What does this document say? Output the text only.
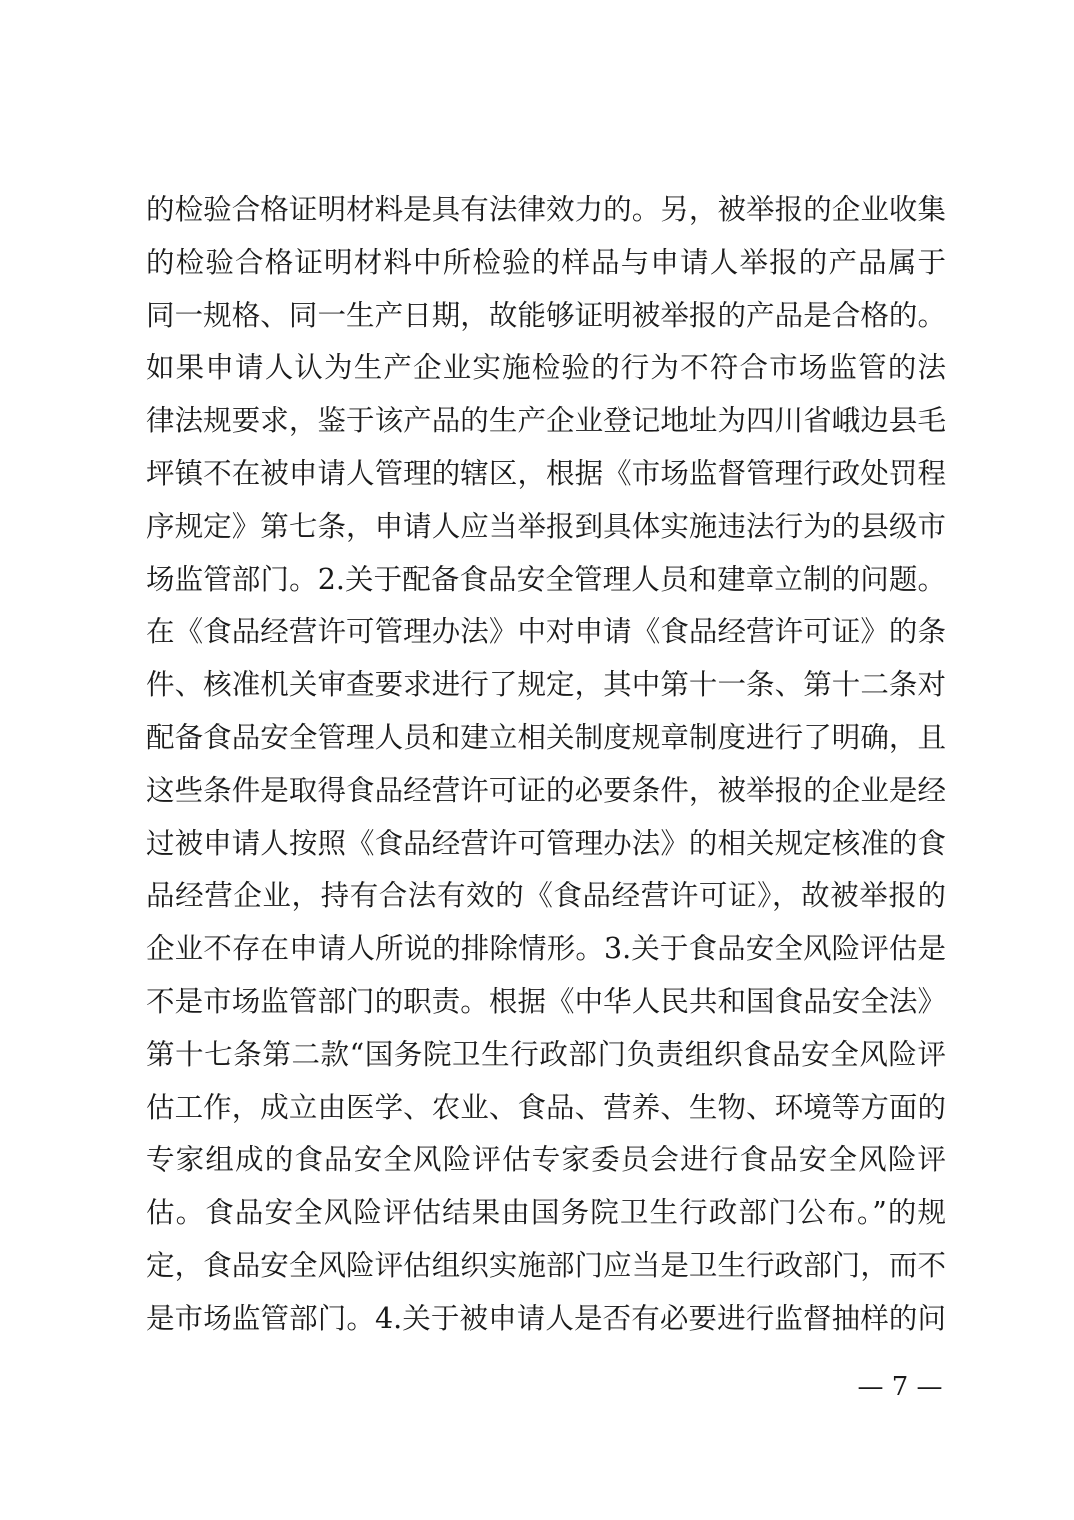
的检验合格证明材料是具有法律效力的。另，被举报的企业收集
的检验合格证明材料中所检验的样品与申请人举报的产品属于
同一规格、同一生产日期，故能够证明被举报的产品是合格的。
如果申请人认为生产企业实施检验的行为不符合市场监管的法
律法规要求，鉴于该产品的生产企业登记地址为四川省峨边县毛
坪镇不在被申请人管理的辖区，根据《市场监督管理行政处罚程
序规定》第七条，申请人应当举报到具体实施违法行为的县级市
场监管部门。2.关于配备食品安全管理人员和建章立制的问题。
在《食品经营许可管理办法》中对申请《食品经营许可证》的条
件、核准机关审查要求进行了规定，其中第十一条、第十二条对
配备食品安全管理人员和建立相关制度规章制度进行了明确，且
这些条件是取得食品经营许可证的必要条件，被举报的企业是经
过被申请人按照《食品经营许可管理办法》的相关规定核准的食
品经营企业，持有合法有效的《食品经营许可证》，故被举报的
企业不存在申请人所说的排除情形。3.关于食品安全风险评估是
不是市场监管部门的职责。根据《中华人民共和国食品安全法》
第十七条第二款“国务院卫生行政部门负责组织食品安全风险评
估工作，成立由医学、农业、食品、营养、生物、环境等方面的
专家组成的食品安全风险评估专家委员会进行食品安全风险评
估。食品安全风险评估结果由国务院卫生行政部门公布。”的规
定，食品安全风险评估组织实施部门应当是卫生行政部门，而不
是市场监管部门。4.关于被申请人是否有必要进行监督抽样的问
— 7 —
